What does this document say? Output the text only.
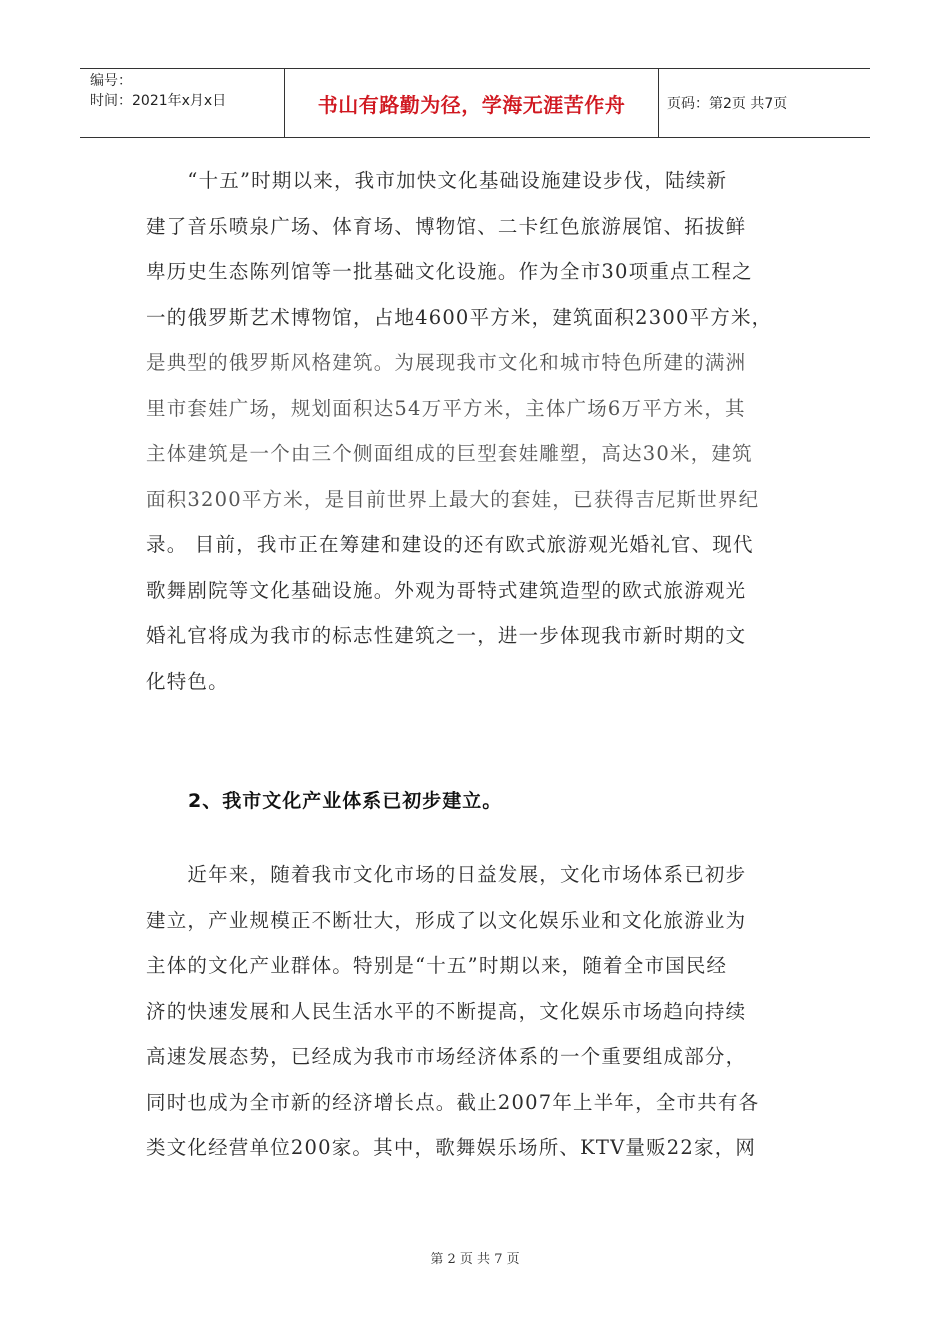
编号：
时间：2021年x月x日	书山有路勤为径，学海无涯苦作舟	页码：第2页 共7页
　　“十五”时期以来，我市加快文化基础设施建设步伐，陆续新
建了音乐喷泉广场、体育场、博物馆、二卡红色旅游展馆、拓拔鲜
卑历史生态陈列馆等一批基础文化设施。作为全市30项重点工程之
一的俄罗斯艺术博物馆，占地4600平方米，建筑面积2300平方米，
是典型的俄罗斯风格建筑。为展现我市文化和城市特色所建的满洲
里市套娃广场，规划面积达54万平方米，主体广场6万平方米，其
主体建筑是一个由三个侧面组成的巨型套娃雕塑，高达30米，建筑
面积3200平方米，是目前世界上最大的套娃，已获得吉尼斯世界纪
录。 目前，我市正在筹建和建设的还有欧式旅游观光婚礼官、现代
歌舞剧院等文化基础设施。外观为哥特式建筑造型的欧式旅游观光
婚礼官将成为我市的标志性建筑之一，进一步体现我市新时期的文
化特色。
2、我市文化产业体系已初步建立。
　　近年来，随着我市文化市场的日益发展，文化市场体系已初步
建立，产业规模正不断壮大，形成了以文化娱乐业和文化旅游业为
主体的文化产业群体。特别是“十五”时期以来，随着全市国民经
济的快速发展和人民生活水平的不断提高，文化娱乐市场趋向持续
高速发展态势，已经成为我市市场经济体系的一个重要组成部分，
同时也成为全市新的经济增长点。截止2007年上半年，全市共有各
类文化经营单位200家。其中，歌舞娱乐场所、KTV量贩22家，网
第 2 页 共 7 页
